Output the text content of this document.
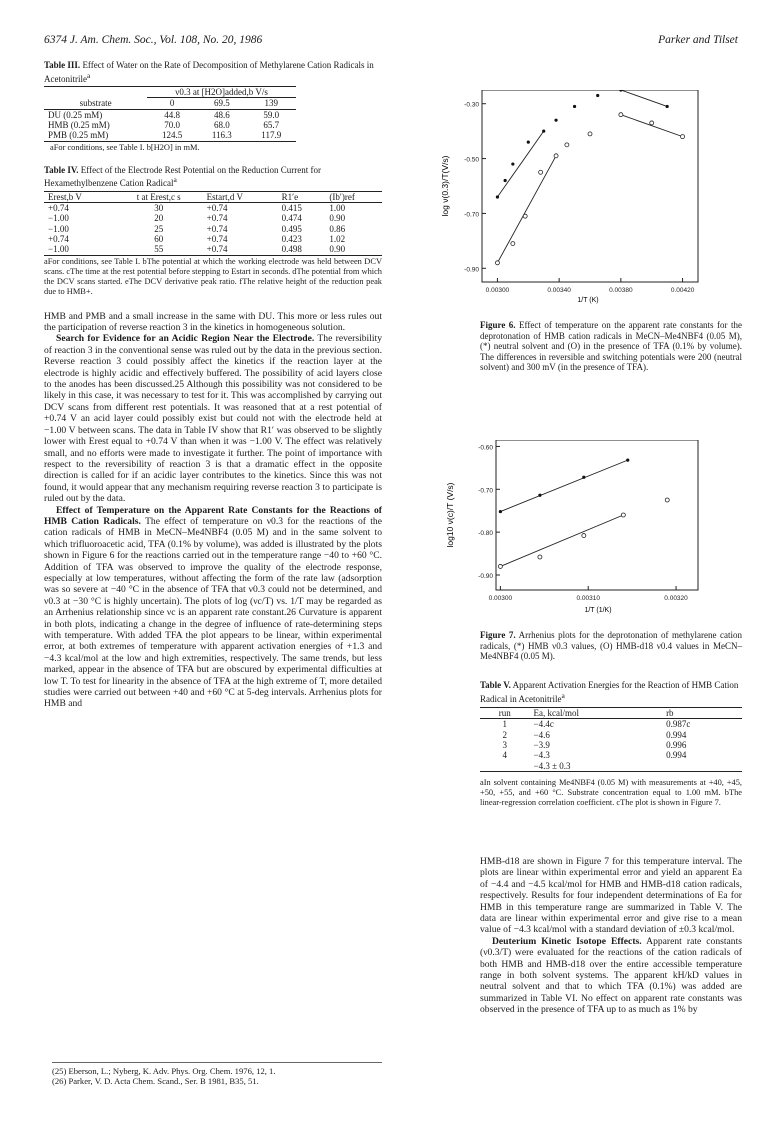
6374 J. Am. Chem. Soc., Vol. 108, No. 20, 1986	Parker and Tilset
Table III. Effect of Water on the Rate of Decomposition of Methylarene Cation Radicals in Acetonitrile$^a$
	ν0.3 at [H2O]added,b V/s		
substrate	0	69.5	139
DU (0.25 mM)	44.8	48.6	59.0
HMB (0.25 mM)	70.0	68.0	65.7
PMB (0.25 mM)	124.5	116.3	117.9
aFor conditions, see Table I. b[H2O] in mM.
Table IV. Effect of the Electrode Rest Potential on the Reduction Current for Hexamethylbenzene Cation Radical$^a$
Erest,b V	t at Erest,c s	Estart,d V	R1′e	(Ib′)ref
+0.74	30	+0.74	0.415	1.00
−1.00	20	+0.74	0.474	0.90
−1.00	25	+0.74	0.495	0.86
+0.74	60	+0.74	0.423	1.02
−1.00	55	+0.74	0.498	0.90
aFor conditions, see Table I. bThe potential at which the working electrode was held between DCV scans. cThe time at the rest potential before stepping to Estart in seconds. dThe potential from which the DCV scans started. eThe DCV derivative peak ratio. fThe relative height of the reduction peak due to HMB+.

HMB and PMB and a small increase in the same with DU. This more or less rules out the participation of reverse reaction 3 in the kinetics in homogeneous solution.

Search for Evidence for an Acidic Region Near the Electrode. The reversibility of reaction 3 in the conventional sense was ruled out by the data in the previous section. Reverse reaction 3 could possibly affect the kinetics if the reaction layer at the electrode is highly acidic and effectively buffered. The possibility of acid layers close to the anodes has been discussed.25 Although this possibility was not considered to be likely in this case, it was necessary to test for it. This was accomplished by carrying out DCV scans from different rest potentials. It was reasoned that at a rest potential of +0.74 V an acid layer could possibly exist but could not with the electrode held at −1.00 V between scans. The data in Table IV show that R1′ was observed to be slightly lower with Erest equal to +0.74 V than when it was −1.00 V. The effect was relatively small, and no efforts were made to investigate it further. The point of importance with respect to the reversibility of reaction 3 is that a dramatic effect in the opposite direction is called for if an acidic layer contributes to the kinetics. Since this was not found, it would appear that any mechanism requiring reverse reaction 3 to participate is ruled out by the data.

Effect of Temperature on the Apparent Rate Constants for the Reactions of HMB Cation Radicals. The effect of temperature on ν0.3 for the reactions of the cation radicals of HMB in MeCN–Me4NBF4 (0.05 M) and in the same solvent to which trifluoroacetic acid, TFA (0.1% by volume), was added is illustrated by the plots shown in Figure 6 for the reactions carried out in the temperature range −40 to +60 °C. Addition of TFA was observed to improve the quality of the electrode response, especially at low temperatures, without affecting the form of the rate law (adsorption was so severe at −40 °C in the absence of TFA that ν0.3 could not be determined, and ν0.3 at −30 °C is highly uncertain). The plots of log (νc/T) vs. 1/T may be regarded as an Arrhenius relationship since νc is an apparent rate constant.26 Curvature is apparent in both plots, indicating a change in the degree of influence of rate-determining steps with temperature. With added TFA the plot appears to be linear, within experimental error, at both extremes of temperature with apparent activation energies of +1.3 and −4.3 kcal/mol at the low and high extremities, respectively. The same trends, but less marked, appear in the absence of TFA but are obscured by experimental difficulties at low T. To test for linearity in the absence of TFA at the high extreme of T, more detailed studies were carried out between +40 and +60 °C at 5-deg intervals. Arrhenius plots for HMB and

(25) Eberson, L.; Nyberg, K. Adv. Phys. Org. Chem. 1976, 12, 1.
(26) Parker, V. D. Acta Chem. Scand., Ser. B 1981, B35, 51.
log ν(0.3)/T(V/s)
1/T (K)
-0.30
-0.50
-0.70
-0.90
0.00300	0.00340	0.00380	0.00420
Figure 6. Effect of temperature on the apparent rate constants for the deprotonation of HMB cation radicals in MeCN–Me4NBF4 (0.05 M), (*) neutral solvent and (O) in the presence of TFA (0.1% by volume). The differences in reversible and switching potentials were 200 (neutral solvent) and 300 mV (in the presence of TFA).
log10 ν(c)/T (V/s)
1/T (1/K)
-0.60
-0.70
-0.80
-0.90
0.00300	0.00310	0.00320
Figure 7. Arrhenius plots for the deprotonation of methylarene cation radicals, (*) HMB ν0.3 values, (O) HMB-d18 ν0.4 values in MeCN–Me4NBF4 (0.05 M).
Table V. Apparent Activation Energies for the Reaction of HMB Cation Radical in Acetonitrile$^a$
run	Ea, kcal/mol	rb
1	−4.4c	0.987c
2	−4.6	0.994
3	−3.9	0.996
4	−4.3	0.994
	−4.3 ± 0.3	
aIn solvent containing Me4NBF4 (0.05 M) with measurements at +40, +45, +50, +55, and +60 °C. Substrate concentration equal to 1.00 mM. bThe linear-regression correlation coefficient. cThe plot is shown in Figure 7.

HMB-d18 are shown in Figure 7 for this temperature interval. The plots are linear within experimental error and yield an apparent Ea of −4.4 and −4.5 kcal/mol for HMB and HMB-d18 cation radicals, respectively. Results for four independent determinations of Ea for HMB in this temperature range are summarized in Table V. The data are linear within experimental error and give rise to a mean value of −4.3 kcal/mol with a standard deviation of ±0.3 kcal/mol.

Deuterium Kinetic Isotope Effects. Apparent rate constants (ν0.3/T) were evaluated for the reactions of the cation radicals of both HMB and HMB-d18 over the entire accessible temperature range in both solvent systems. The apparent kH/kD values in neutral solvent and that to which TFA (0.1%) was added are summarized in Table VI. No effect on apparent rate constants was observed in the presence of TFA up to as much as 1% by
